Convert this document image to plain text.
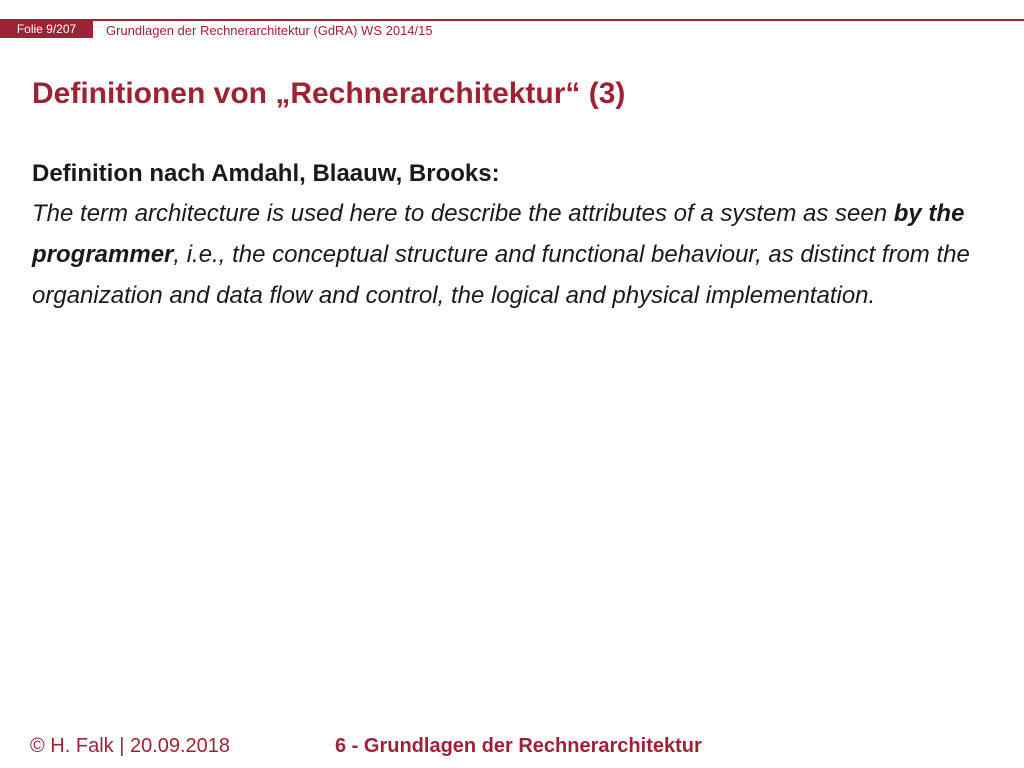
Folie 9/207	Grundlagen der Rechnerarchitektur (GdRA) WS 2014/15
Definitionen von „Rechnerarchitektur“ (3)

Definition nach Amdahl, Blaauw, Brooks:

The term architecture is used here to describe the attributes of a system as seen by the programmer, i.e., the conceptual structure and functional behaviour, as distinct from the organization and data flow and control, the logical and physical implementation.

© H. Falk | 20.09.2018	6 - Grundlagen der Rechnerarchitektur
